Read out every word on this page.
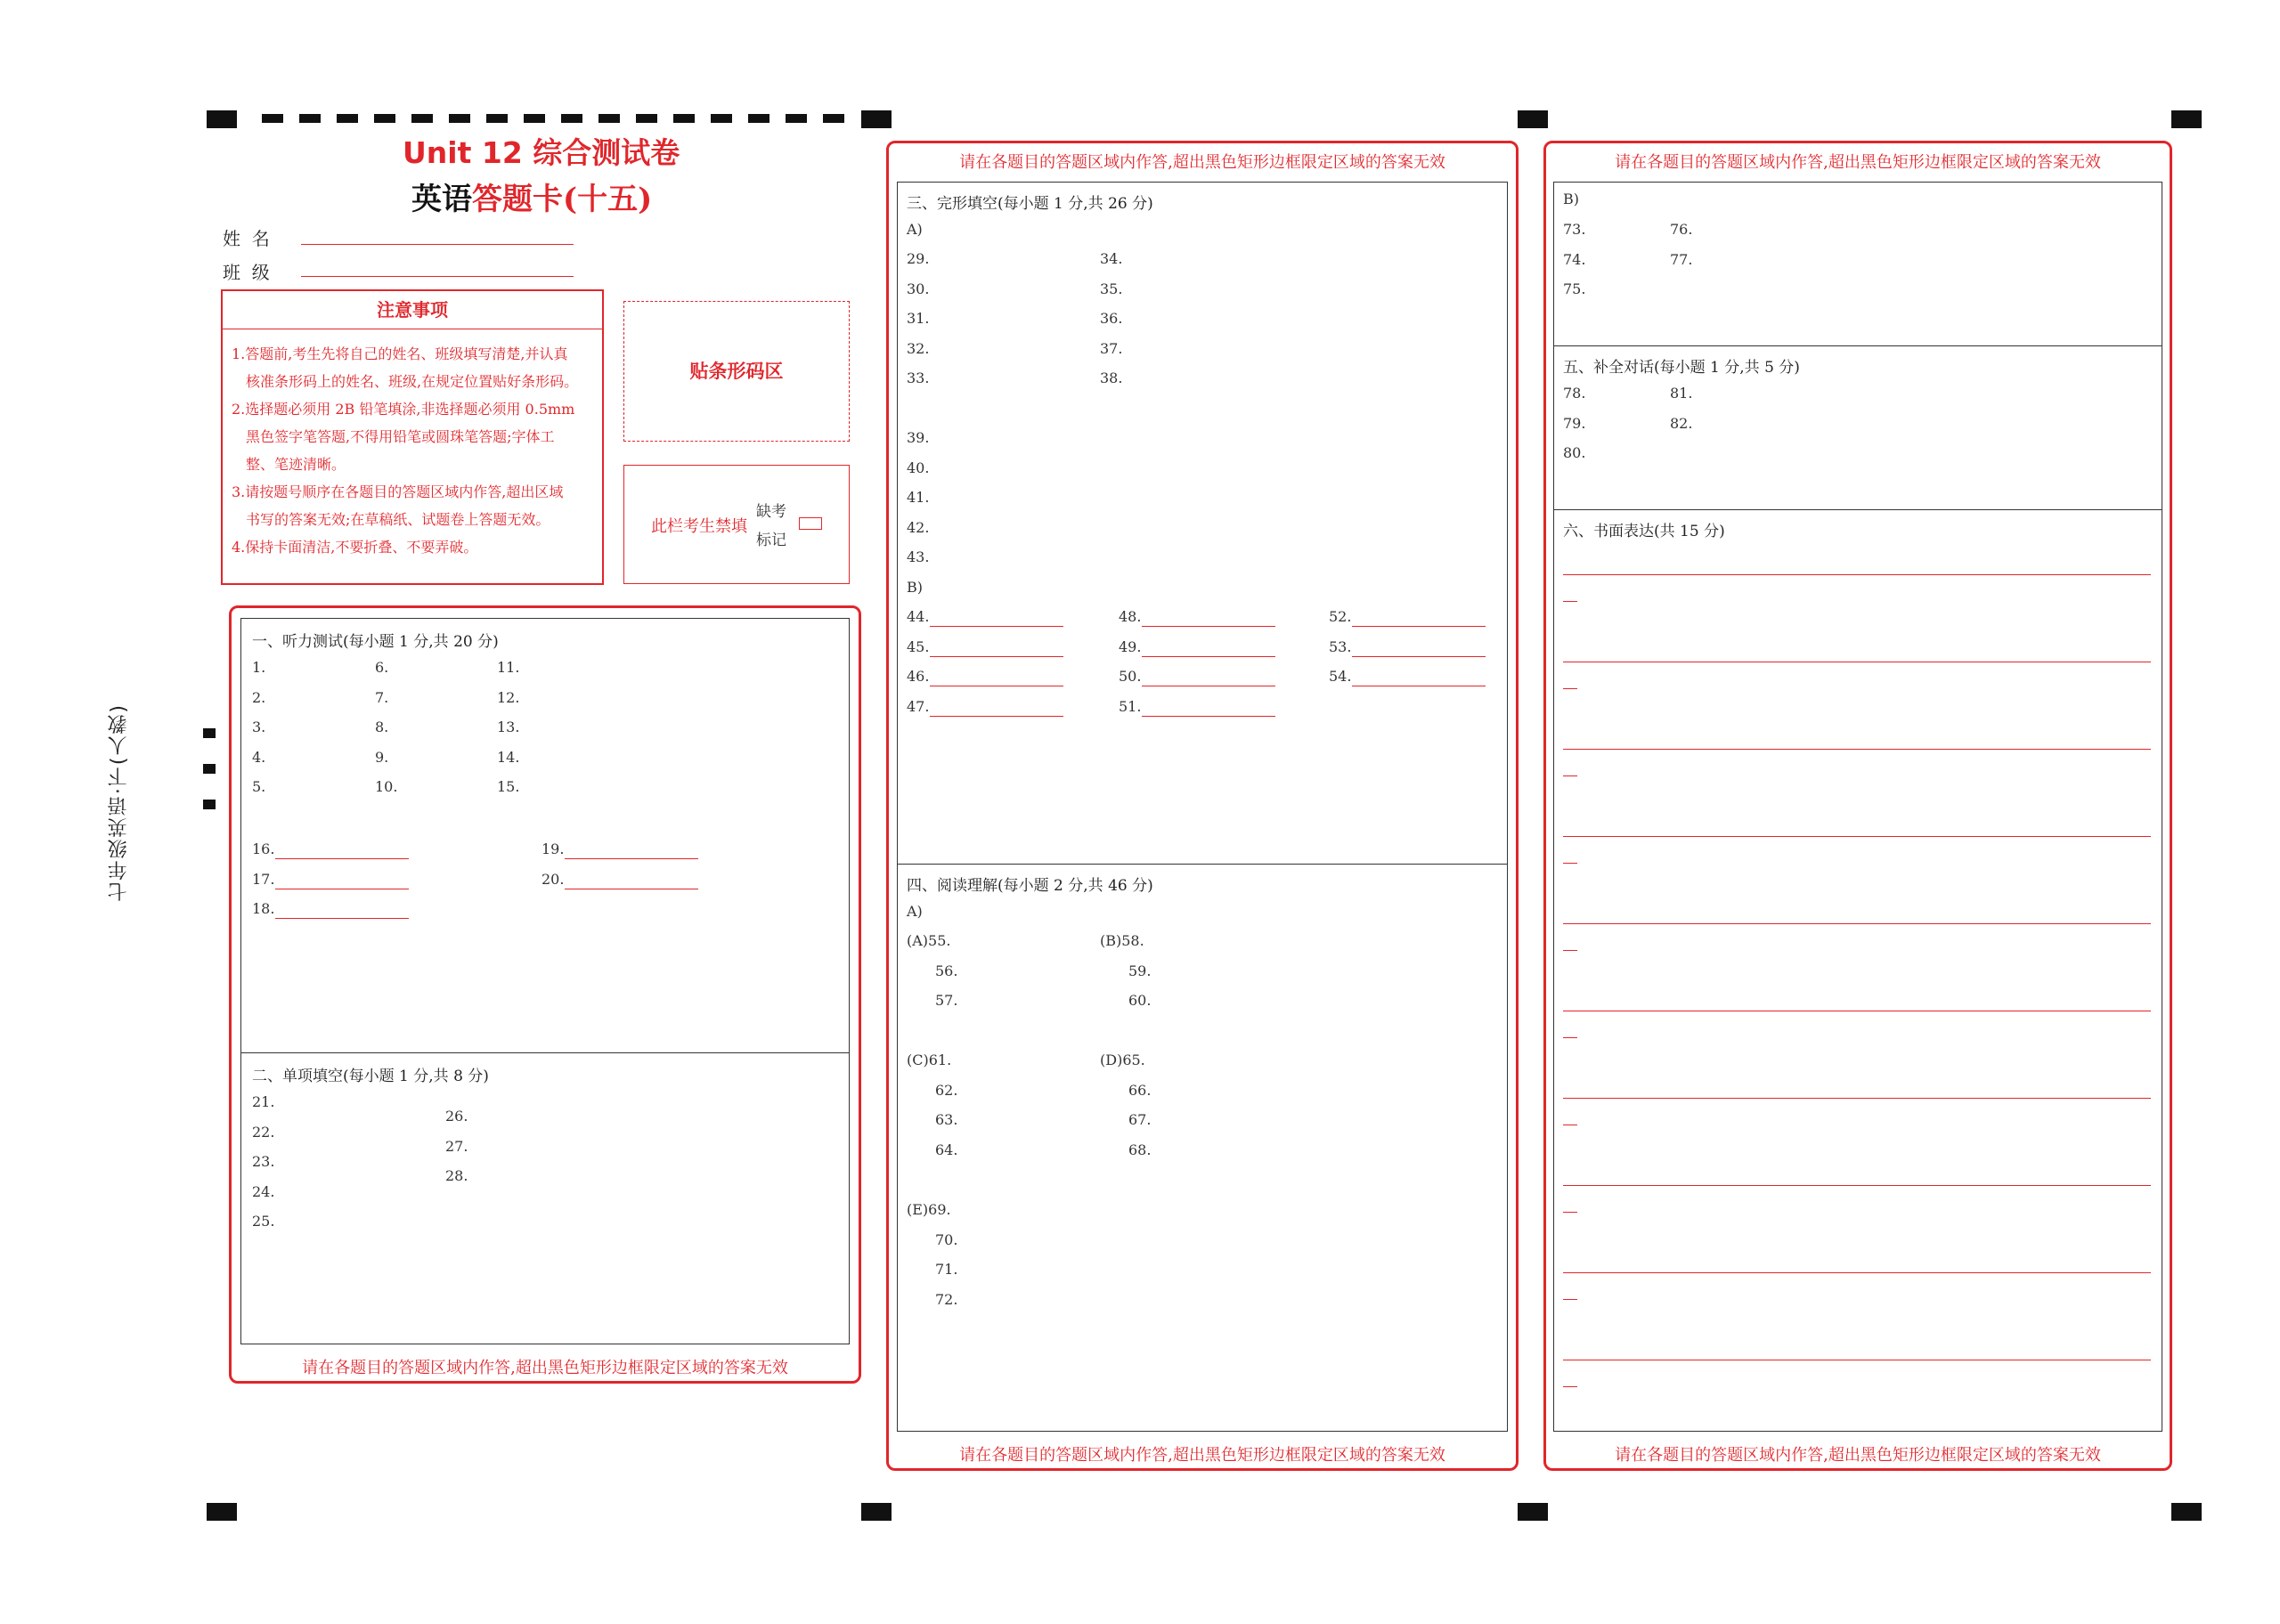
七年级英语·下(人教)
Unit 12 综合测试卷
英语答题卡(十五)
姓  名
班  级
注意事项
1.答题前,考生先将自己的姓名、班级填写清楚,并认真
核准条形码上的姓名、班级,在规定位置贴好条形码。
2.选择题必须用 2B 铅笔填涂,非选择题必须用 0.5mm
黑色签字笔答题,不得用铅笔或圆珠笔答题;字体工
整、笔迹清晰。
3.请按题号顺序在各题目的答题区域内作答,超出区域
书写的答案无效;在草稿纸、试题卷上答题无效。
4.保持卡面清洁,不要折叠、不要弄破。
贴条形码区
此栏考生禁填
缺考
标记
请在各题目的答题区域内作答,超出黑色矩形边框限定区域的答案无效
一、听力测试(每小题 1 分,共 20 分)
1.
2.
3.
4.
5.
6.
7.
8.
9.
10.
11.
12.
13.
14.
15.
16.
17.
18.
19.
20.
二、单项填空(每小题 1 分,共 8 分)
21.
22.
23.
24.
25.
26.
27.
28.
请在各题目的答题区域内作答,超出黑色矩形边框限定区域的答案无效
请在各题目的答题区域内作答,超出黑色矩形边框限定区域的答案无效
三、完形填空(每小题 1 分,共 26 分)
A)
29.
30.
31.
32.
33.
34.
35.
36.
37.
38.
39.
40.
41.
42.
43.
B)
44.
45.
46.
47.
48.
49.
50.
51.
52.
53.
54.
四、阅读理解(每小题 2 分,共 46 分)
A)
(A)55.
56.
57.
(B)58.
59.
60.
(C)61.
62.
63.
64.
(D)65.
66.
67.
68.
(E)69.
70.
71.
72.
请在各题目的答题区域内作答,超出黑色矩形边框限定区域的答案无效
请在各题目的答题区域内作答,超出黑色矩形边框限定区域的答案无效
B)
73.
74.
75.
76.
77.
五、补全对话(每小题 1 分,共 5 分)
78.
79.
80.
81.
82.
六、书面表达(共 15 分)
